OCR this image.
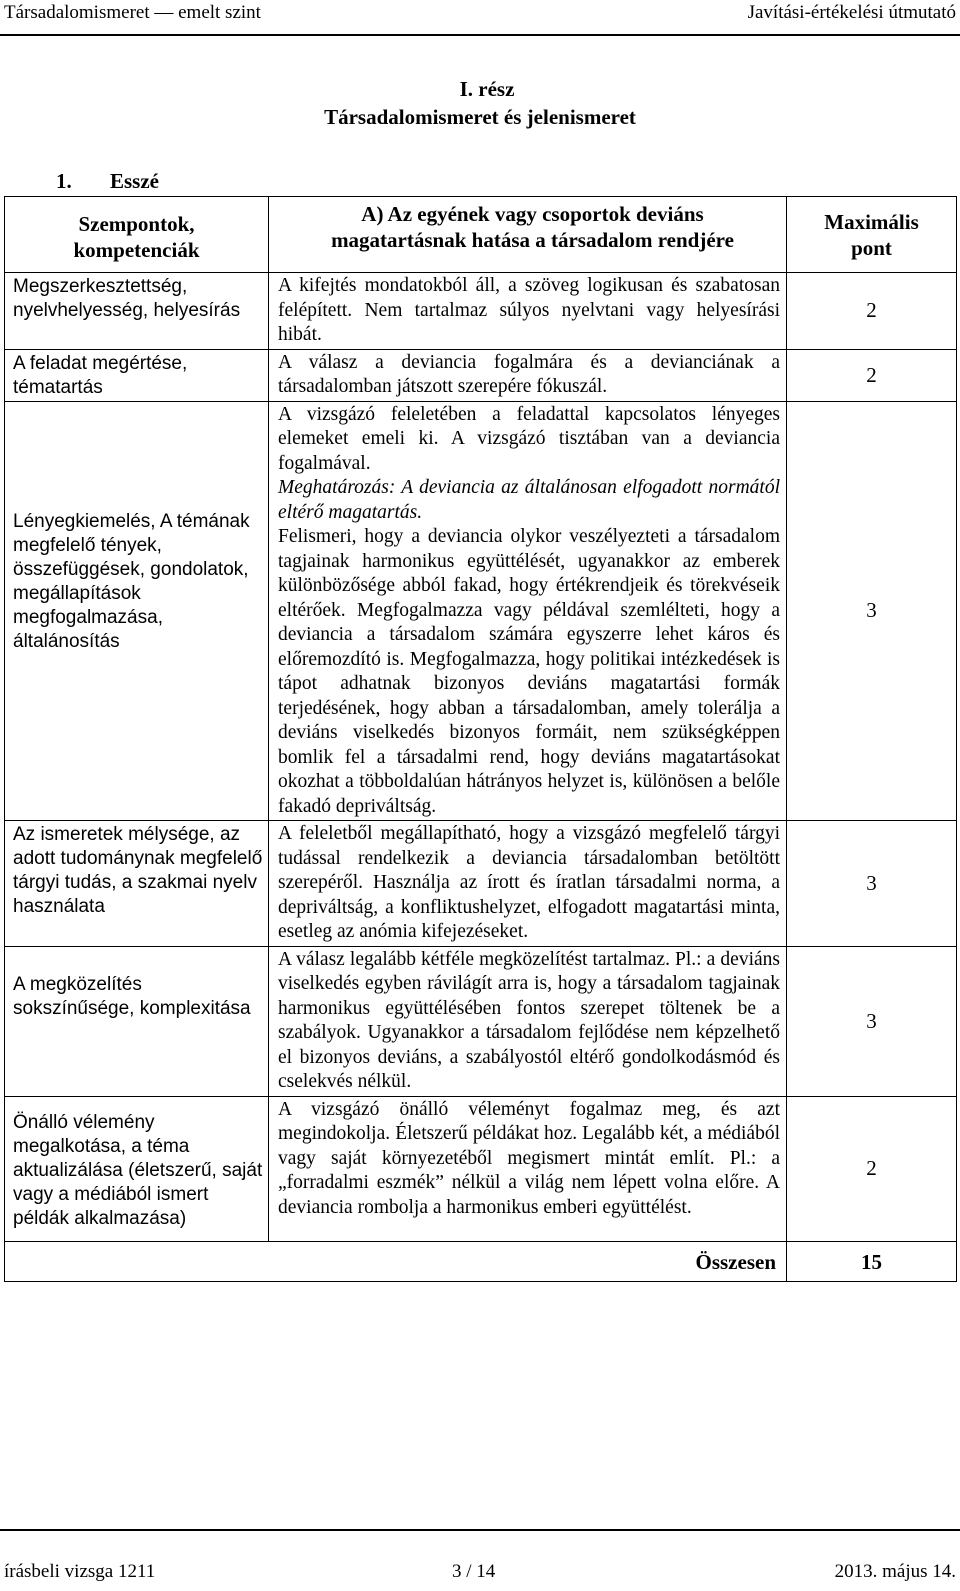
Társadalomismeret — emelt szint	Javítási-értékelési útmutató
I. rész
Társadalomismeret és jelenismeret
1. Esszé
Szempontok, kompetenciák	A) Az egyének vagy csoportok deviáns magatartásnak hatása a társadalom rendjére	Maximális pont
Megszerkesztettség, nyelvhelyesség, helyesírás	A kifejtés mondatokból áll, a szöveg logikusan és szabatosan felépített. Nem tartalmaz súlyos nyelvtani vagy helyesírási hibát.	2
A feladat megértése, tématartás	A válasz a deviancia fogalmára és a devianciának a társadalomban játszott szerepére fókuszál.	2
Lényegkiemelés, A témának megfelelő tények, összefüggések, gondolatok, megállapítások megfogalmazása, általánosítás	A vizsgázó feleletében a feladattal kapcsolatos lényeges elemeket emeli ki. A vizsgázó tisztában van a deviancia fogalmával.

Meghatározás: A deviancia az általánosan elfogadott normától eltérő magatartás.

Felismeri, hogy a deviancia olykor veszélyezteti a társadalom tagjainak harmonikus együttélését, ugyanakkor az emberek különbözősége abból fakad, hogy értékrendjeik és törekvéseik eltérőek. Megfogalmazza vagy példával szemlélteti, hogy a deviancia a társadalom számára egyszerre lehet káros és előremozdító is. Megfogalmazza, hogy politikai intézkedések is tápot adhatnak bizonyos deviáns magatartási formák terjedésének, hogy abban a társadalomban, amely tolerálja a deviáns viselkedés bizonyos formáit, nem szükségképpen bomlik fel a társadalmi rend, hogy deviáns magatartásokat okozhat a többoldalúan hátrányos helyzet is, különösen a belőle fakadó depriváltság.	3
Az ismeretek mélysége, az adott tudománynak megfelelő tárgyi tudás, a szakmai nyelv használata	A feleletből megállapítható, hogy a vizsgázó megfelelő tárgyi tudással rendelkezik a deviancia társadalomban betöltött szerepéről. Használja az írott és íratlan társadalmi norma, a depriváltság, a konfliktushelyzet, elfogadott magatartási minta, esetleg az anómia kifejezéseket.	3
A megközelítés sokszínűsége, komplexitása	A válasz legalább kétféle megközelítést tartalmaz. Pl.: a deviáns viselkedés egyben rávilágít arra is, hogy a társadalom tagjainak harmonikus együttélésében fontos szerepet töltenek be a szabályok. Ugyanakkor a társadalom fejlődése nem képzelhető el bizonyos deviáns, a szabályostól eltérő gondolkodásmód és cselekvés nélkül.	3
Önálló vélemény megalkotása, a téma aktualizálása (életszerű, saját vagy a médiából ismert példák alkalmazása)	A vizsgázó önálló véleményt fogalmaz meg, és azt megindokolja. Életszerű példákat hoz. Legalább két, a médiából vagy saját környezetéből megismert mintát említ. Pl.: a „forradalmi eszmék” nélkül a világ nem lépett volna előre. A deviancia rombolja a harmonikus emberi együttélést.	2
Összesen		15
írásbeli vizsga 1211	3 / 14	2013. május 14.
